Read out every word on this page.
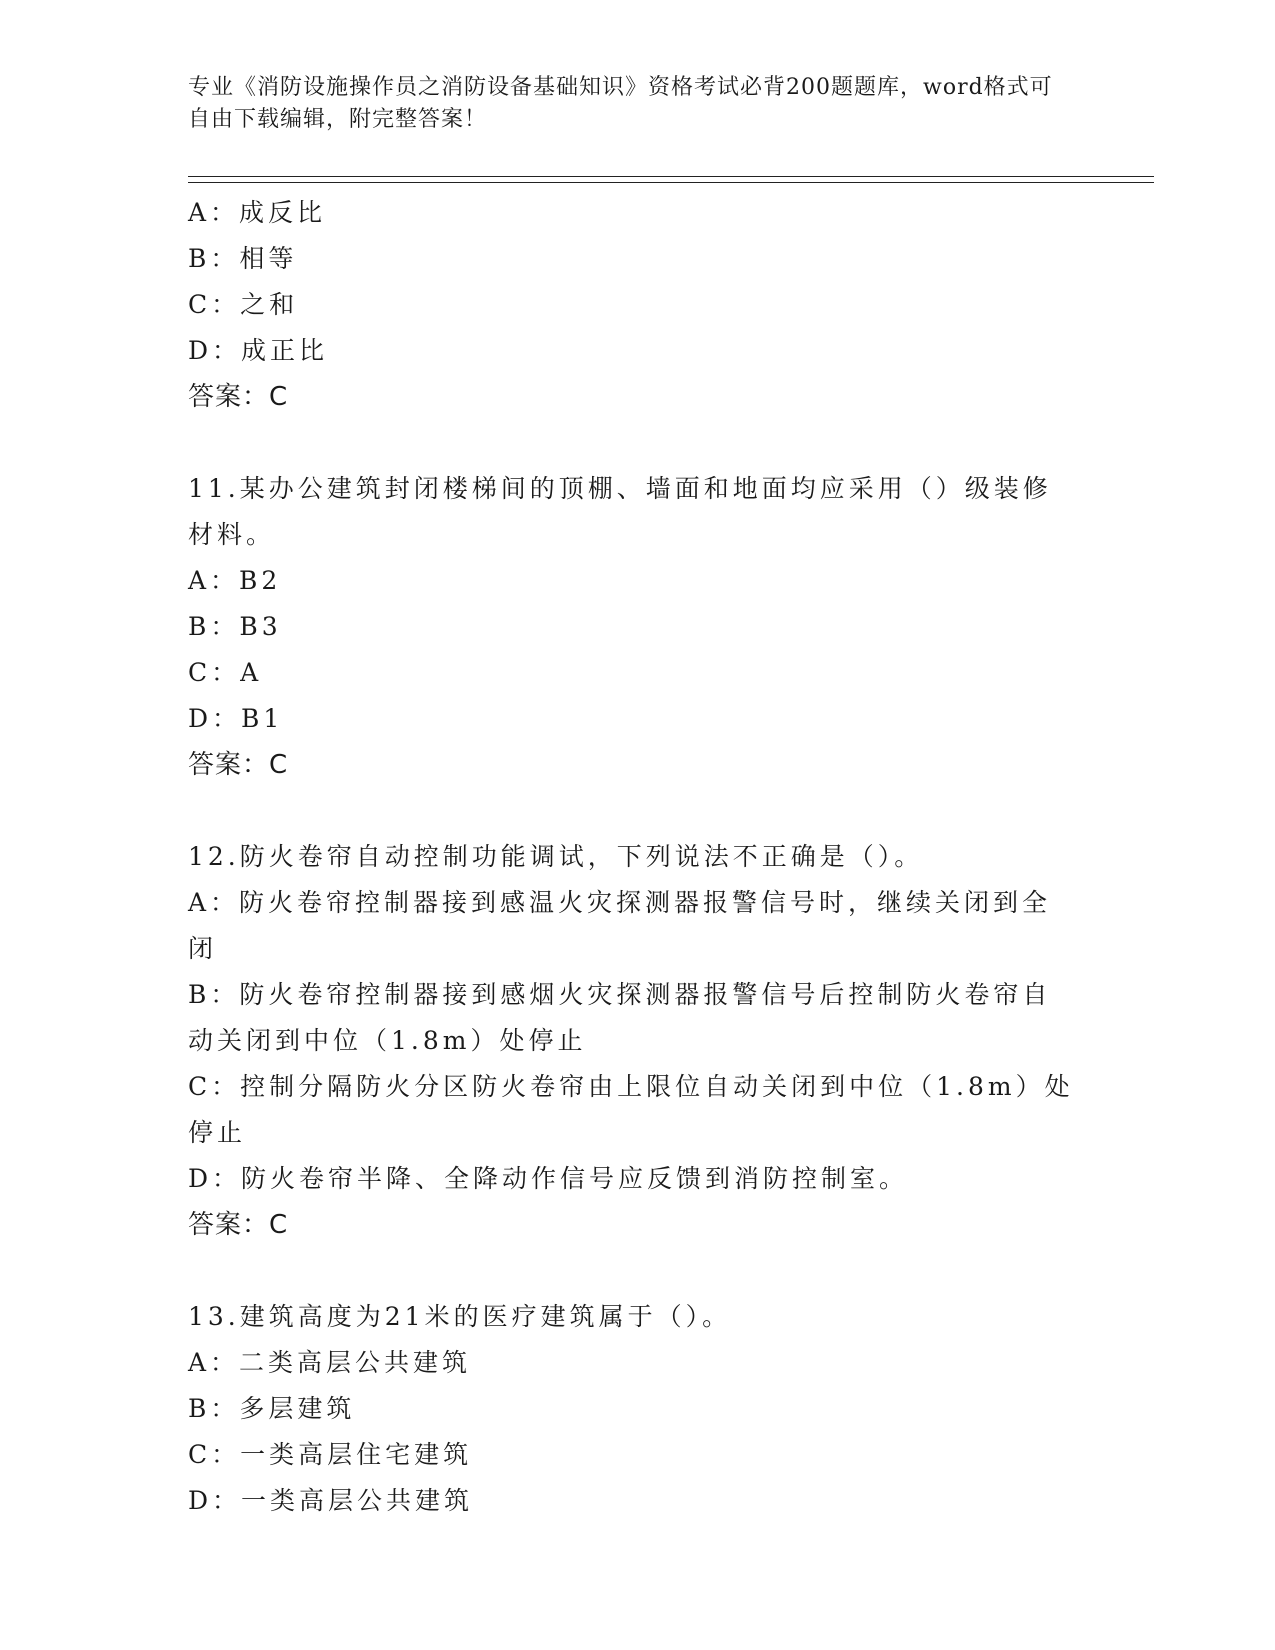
专业《消防设施操作员之消防设备基础知识》资格考试必背200题题库，word格式可自由下载编辑，附完整答案！

A：成反比

B：相等

C：之和

D：成正比

答案：C

11.某办公建筑封闭楼梯间的顶棚、墙面和地面均应采用（）级装修材料。

A：B2

B：B3

C：A

D：B1

答案：C

12.防火卷帘自动控制功能调试，下列说法不正确是（）。

A：防火卷帘控制器接到感温火灾探测器报警信号时，继续关闭到全闭

B：防火卷帘控制器接到感烟火灾探测器报警信号后控制防火卷帘自动关闭到中位（1.8m）处停止

C：控制分隔防火分区防火卷帘由上限位自动关闭到中位（1.8m）处停止

D：防火卷帘半降、全降动作信号应反馈到消防控制室。

答案：C

13.建筑高度为21米的医疗建筑属于（）。

A：二类高层公共建筑

B：多层建筑

C：一类高层住宅建筑

D：一类高层公共建筑
